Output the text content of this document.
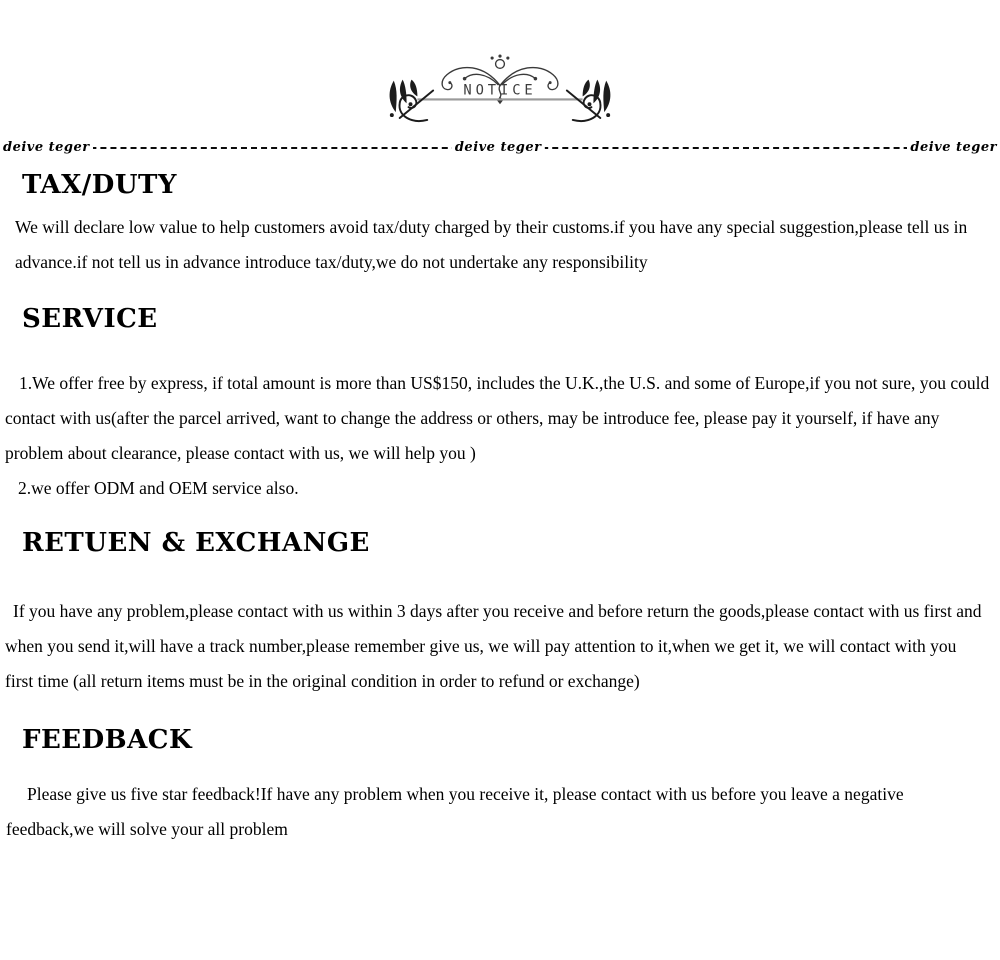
NOTICE
deive teger	deive teger	deive teger
TAX/DUTY

We will declare low value to help customers avoid tax/duty charged by their customs.if you have any special suggestion,please tell us in advance.if not tell us in advance introduce tax/duty,we do not undertake any responsibility

SERVICE

1.We offer free by express, if total amount is more than US$150, includes the U.K.,the U.S. and some of Europe,if you not sure, you could contact with us(after the parcel arrived, want to change the address or others, may be introduce fee, please pay it yourself, if have any problem about clearance, please contact with us, we will help you )

2.we offer ODM and OEM service also.

RETUEN & EXCHANGE

If you have any problem,please contact with us within 3 days after you receive and before return the goods,please contact with us first and when you send it,will have a track number,please remember give us, we will pay attention to it,when we get it, we will contact with you first time (all return items must be in the original condition in order to refund or exchange)

FEEDBACK

Please give us five star feedback!If have any problem when you receive it, please contact with us before you leave a negative feedback,we will solve your all problem
